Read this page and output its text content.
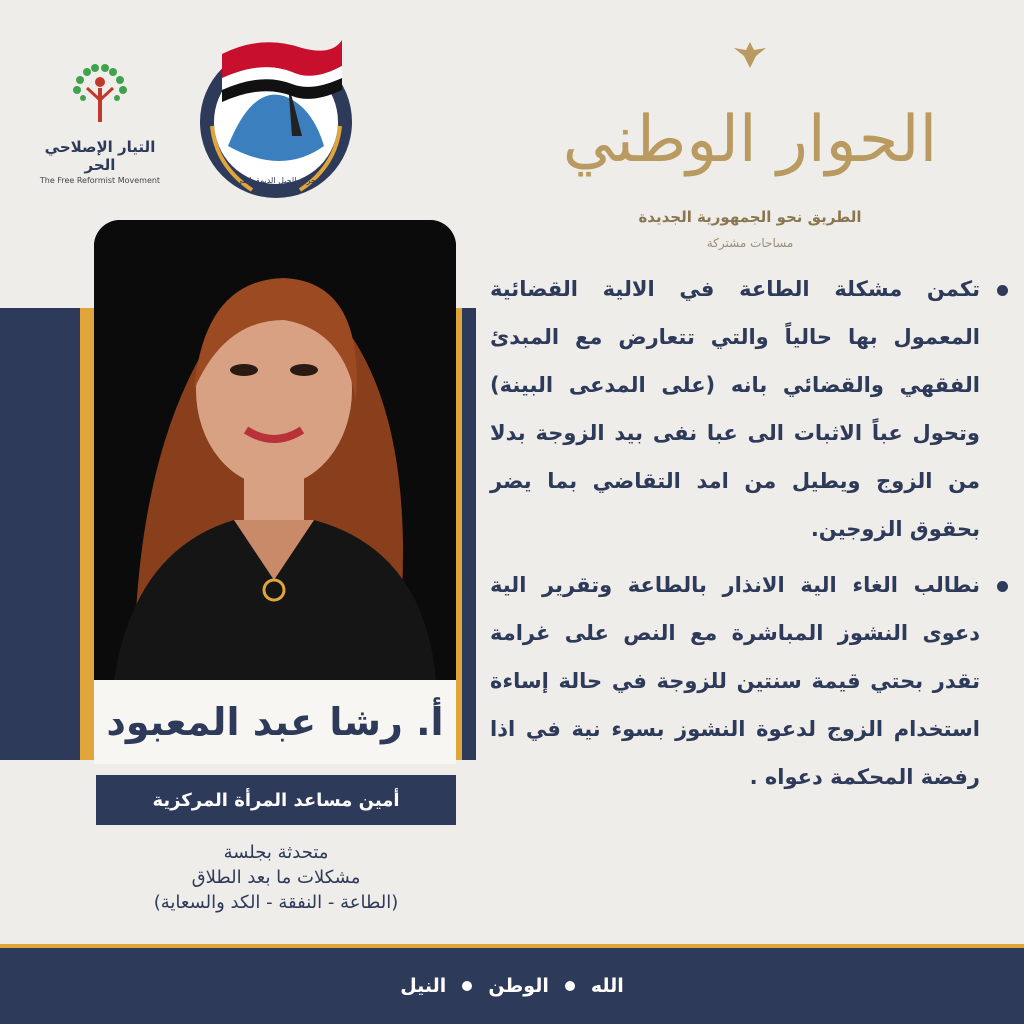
التيار الإصلاحي الحر
The Free Reformist Movement	حزب الجيل الديمقراطي
الحوار الوطني
الطريق نحو الجمهورية الجديدة
مساحات مشتركة
أ. رشا عبد المعبود
أمين مساعد المرأة المركزية
متحدثة بجلسة
مشكلات ما بعد الطلاق
(الطاعة - النفقة - الكد والسعاية)
تكمن مشكلة الطاعة في الالية القضائية المعمول بها حالياً والتي تتعارض مع المبدئ الفقهي والقضائي بانه (على المدعى البينة) وتحول عباً الاثبات الى عبا نفى بيد الزوجة بدلا من الزوج ويطيل من امد التقاضي بما يضر بحقوق الزوجين.
نطالب الغاء الية الانذار بالطاعة وتقرير الية دعوى النشوز المباشرة مع النص على غرامة تقدر بحتي قيمة سنتين للزوجة في حالة إساءة استخدام الزوج لدعوة النشوز بسوء نية في اذا رفضة المحكمة دعواه .
الله
الوطن
النيل
